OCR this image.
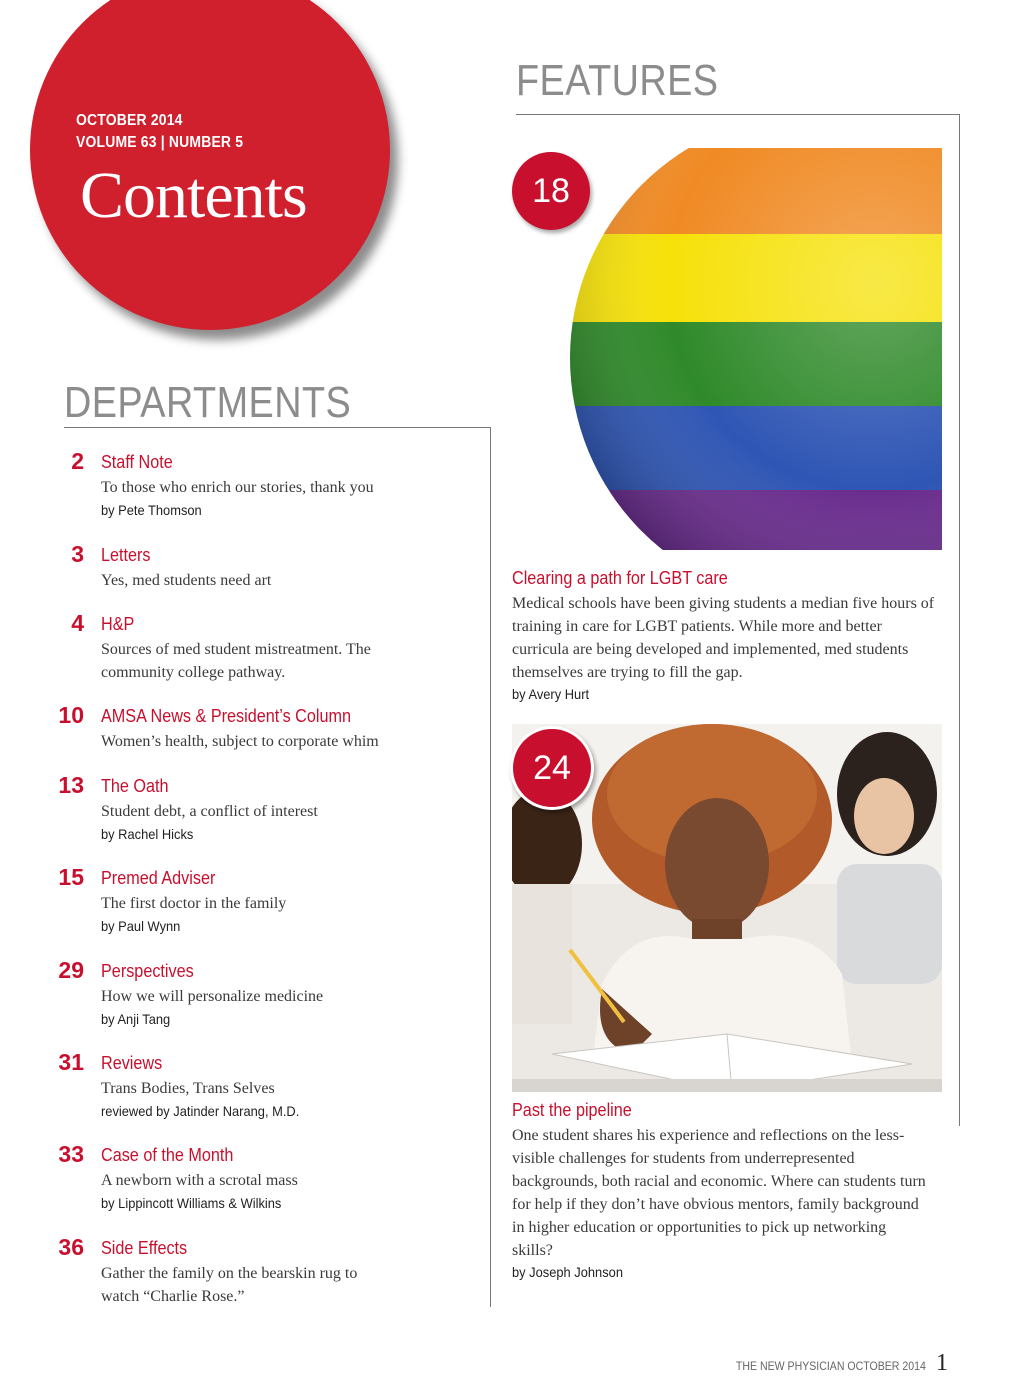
OCTOBER 2014
VOLUME 63 | NUMBER 5
Contents
DEPARTMENTS
2 Staff Note
To those who enrich our stories, thank you
by Pete Thomson
3 Letters
Yes, med students need art
4 H&P
Sources of med student mistreatment. The community college pathway.
10 AMSA News & President’s Column
Women’s health, subject to corporate whim
13 The Oath
Student debt, a conflict of interest
by Rachel Hicks
15 Premed Adviser
The first doctor in the family
by Paul Wynn
29 Perspectives
How we will personalize medicine
by Anji Tang
31 Reviews
Trans Bodies, Trans Selves
reviewed by Jatinder Narang, M.D.
33 Case of the Month
A newborn with a scrotal mass
by Lippincott Williams & Wilkins
36 Side Effects
Gather the family on the bearskin rug to watch “Charlie Rose.”
FEATURES
18
Clearing a path for LGBT care
Medical schools have been giving students a median five hours of training in care for LGBT patients. While more and better curricula are being developed and implemented, med students themselves are trying to fill the gap.
by Avery Hurt
24
Past the pipeline
One student shares his experience and reflections on the less-visible challenges for students from underrepresented backgrounds, both racial and economic. Where can students turn for help if they don’t have obvious mentors, family background in higher education or opportunities to pick up networking skills?
by Joseph Johnson
THE NEW PHYSICIAN OCTOBER 2014 1
